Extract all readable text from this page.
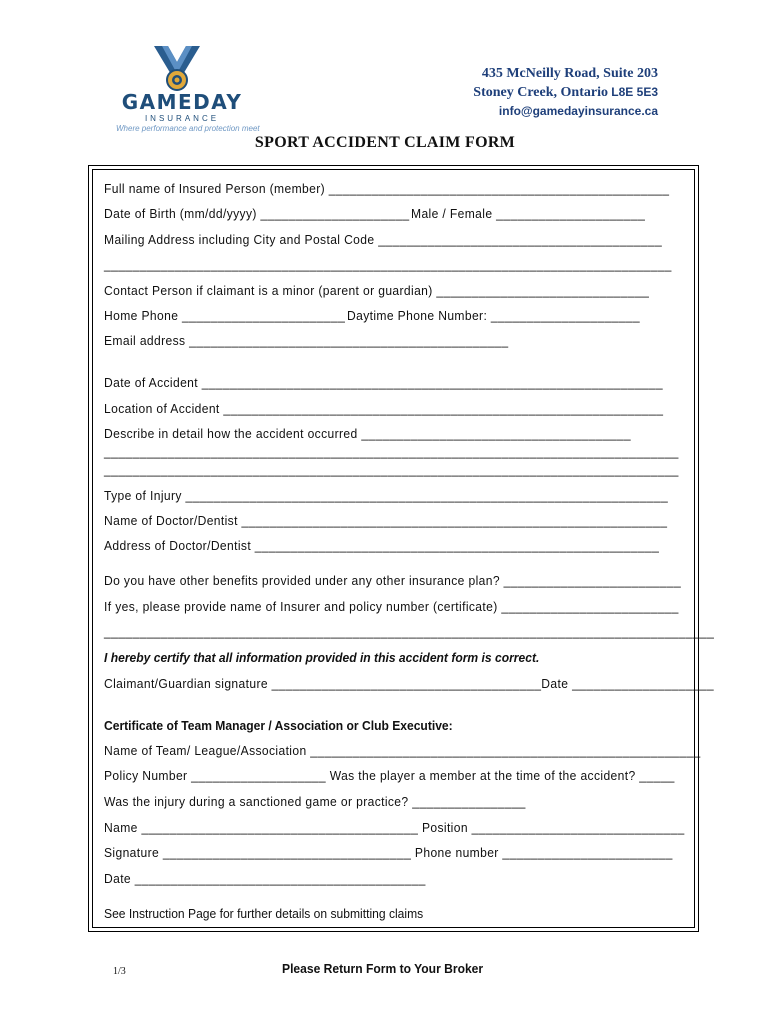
GAMEDAY
INSURANCE
Where performance and protection meet
435 McNeilly Road, Suite 203
Stoney Creek, Ontario L8E 5E3
info@gamedayinsurance.ca
SPORT ACCIDENT CLAIM FORM
Full name of Insured Person (member) ________________________________________________
Date of Birth (mm/dd/yyyy) _____________________ Male / Female _____________________
Mailing Address including City and Postal Code ________________________________________
________________________________________________________________________________
Contact Person if claimant is a minor (parent or guardian) ______________________________
Home Phone _______________________ Daytime Phone Number: _____________________
Email address _____________________________________________
Date of Accident _________________________________________________________________
Location of Accident ______________________________________________________________
Describe in detail how the accident occurred ______________________________________
_________________________________________________________________________________
_________________________________________________________________________________
Type of Injury ____________________________________________________________________
Name of Doctor/Dentist ____________________________________________________________
Address of Doctor/Dentist _________________________________________________________
Do you have other benefits provided under any other insurance plan? _________________________
If yes, please provide name of Insurer and policy number (certificate) _________________________
______________________________________________________________________________________
I hereby certify that all information provided in this accident form is correct.
Claimant/Guardian signature ______________________________________Date ____________________
Certificate of Team Manager / Association or Club Executive:
Name of Team/ League/Association _______________________________________________________
Policy Number ___________________ Was the player a member at the time of the accident? _____
Was the injury during a sanctioned game or practice? ________________
Name _______________________________________ Position ______________________________
Signature ___________________________________ Phone number ________________________
Date _________________________________________
See Instruction Page for further details on submitting claims
1/3	Please Return Form to Your Broker
